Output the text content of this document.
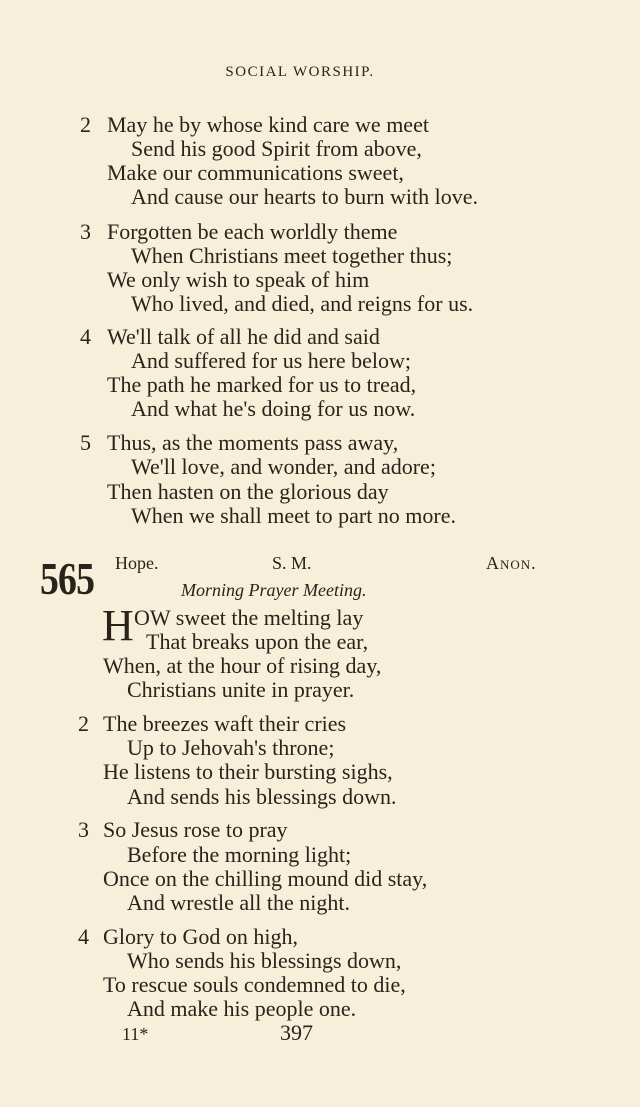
SOCIAL WORSHIP.
2 May he by whose kind care we meet
Send his good Spirit from above,
Make our communications sweet,
And cause our hearts to burn with love.
3 Forgotten be each worldly theme
When Christians meet together thus;
We only wish to speak of him
Who lived, and died, and reigns for us.
4 We'll talk of all he did and said
And suffered for us here below;
The path he marked for us to tread,
And what he's doing for us now.
5 Thus, as the moments pass away,
We'll love, and wonder, and adore;
Then hasten on the glorious day
When we shall meet to part no more.
565 Hope.	S. M.	Anon.
Morning Prayer Meeting.
H OW sweet the melting lay
That breaks upon the ear,
When, at the hour of rising day,
Christians unite in prayer.
2 The breezes waft their cries
Up to Jehovah's throne;
He listens to their bursting sighs,
And sends his blessings down.
3 So Jesus rose to pray
Before the morning light;
Once on the chilling mound did stay,
And wrestle all the night.
4 Glory to God on high,
Who sends his blessings down,
To rescue souls condemned to die,
And make his people one.
11*	397
